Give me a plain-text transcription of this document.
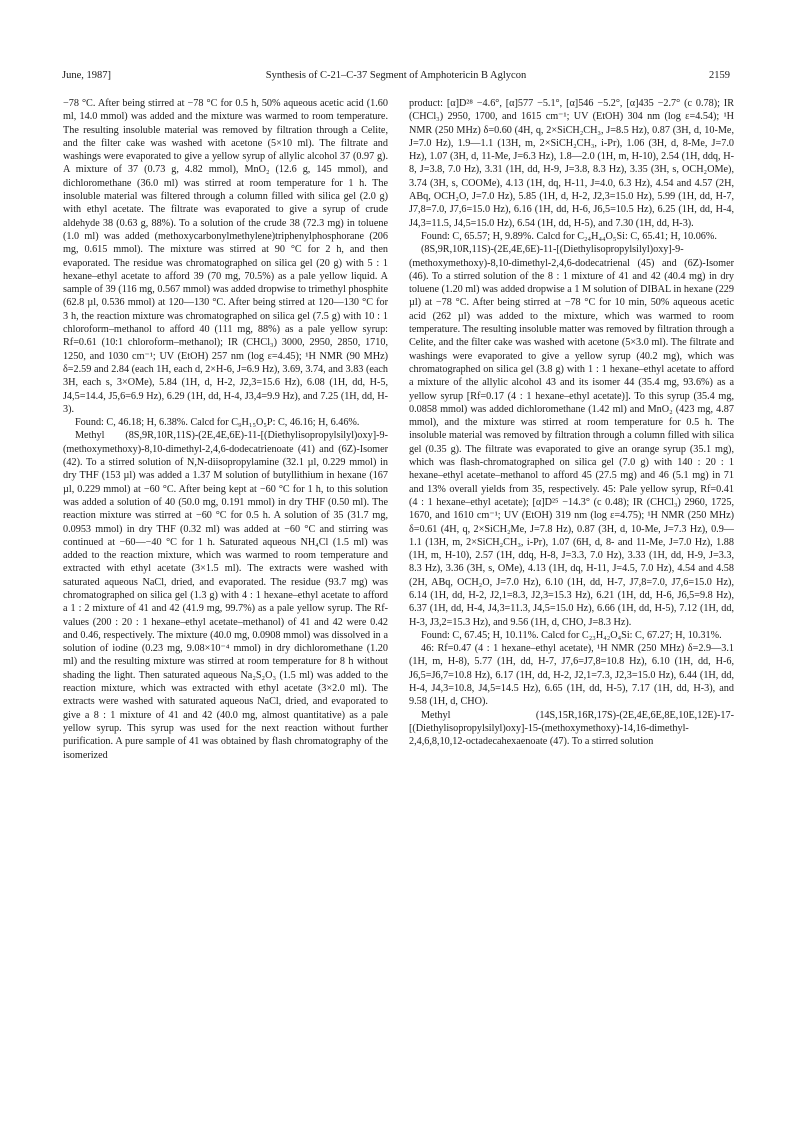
June, 1987]	Synthesis of C-21–C-37 Segment of Amphotericin B Aglycon	2159

−78 °C. After being stirred at −78 °C for 0.5 h, 50% aqueous acetic acid (1.60 ml, 14.0 mmol) was added and the mixture was warmed to room temperature. The resulting insoluble material was removed by filtration through a Celite, and the filter cake was washed with acetone (5×10 ml). The filtrate and washings were evaporated to give a yellow syrup of allylic alcohol 37 (0.97 g). A mixture of 37 (0.73 g, 4.82 mmol), MnO₂ (12.6 g, 145 mmol), and dichloromethane (36.0 ml) was stirred at room temperature for 1 h. The insoluble material was filtered through a column filled with silica gel (2.0 g) with ethyl acetate. The filtrate was evaporated to give a syrup of crude aldehyde 38 (0.63 g, 88%). To a solution of the crude 38 (72.3 mg) in toluene (1.0 ml) was added (methoxycarbonylmethylene)triphenylphosphorane (206 mg, 0.615 mmol). The mixture was stirred at 90 °C for 2 h, and then evaporated. The residue was chromatographed on silica gel (20 g) with 5 : 1 hexane–ethyl acetate to afford 39 (70 mg, 70.5%) as a pale yellow liquid. A sample of 39 (116 mg, 0.567 mmol) was added dropwise to trimethyl phosphite (62.8 µl, 0.536 mmol) at 120—130 °C. After being stirred at 120—130 °C for 3 h, the reaction mixture was chromatographed on silica gel (7.5 g) with 10 : 1 chloroform–methanol to afford 40 (111 mg, 88%) as a pale yellow syrup: Rf=0.61 (10:1 chloroform–methanol); IR (CHCl₃) 3000, 2950, 2850, 1710, 1250, and 1030 cm⁻¹; UV (EtOH) 257 nm (log ε=4.45); ¹H NMR (90 MHz) δ=2.59 and 2.84 (each 1H, each d, 2×H-6, J=6.9 Hz), 3.69, 3.74, and 3.83 (each 3H, each s, 3×OMe), 5.84 (1H, d, H-2, J2,3=15.6 Hz), 6.08 (1H, dd, H-5, J4,5=14.4, J5,6=6.9 Hz), 6.29 (1H, dd, H-4, J3,4=9.9 Hz), and 7.25 (1H, dd, H-3).

Found: C, 46.18; H, 6.38%. Calcd for C₉H₁₅O₅P: C, 46.16; H, 6.46%.

Methyl (8S,9R,10R,11S)-(2E,4E,6E)-11-[(Diethylisopropylsilyl)oxy]-9-(methoxymethoxy)-8,10-dimethyl-2,4,6-dodecatrienoate (41) and (6Z)-Isomer (42). To a stirred solution of N,N-diisopropylamine (32.1 µl, 0.229 mmol) in dry THF (153 µl) was added a 1.37 M solution of butyllithium in hexane (167 µl, 0.229 mmol) at −60 °C. After being kept at −60 °C for 1 h, to this solution was added a solution of 40 (50.0 mg, 0.191 mmol) in dry THF (0.50 ml). The reaction mixture was stirred at −60 °C for 0.5 h. A solution of 35 (31.7 mg, 0.0953 mmol) in dry THF (0.32 ml) was added at −60 °C and stirring was continued at −60—−40 °C for 1 h. Saturated aqueous NH₄Cl (1.5 ml) was added to the reaction mixture, which was warmed to room temperature and extracted with ethyl acetate (3×1.5 ml). The extracts were washed with saturated aqueous NaCl, dried, and evaporated. The residue (93.7 mg) was chromatographed on silica gel (1.3 g) with 4 : 1 hexane–ethyl acetate to afford a 1 : 2 mixture of 41 and 42 (41.9 mg, 99.7%) as a pale yellow syrup. The Rf-values (200 : 20 : 1 hexane–ethyl acetate–methanol) of 41 and 42 were 0.42 and 0.46, respectively. The mixture (40.0 mg, 0.0908 mmol) was dissolved in a solution of iodine (0.23 mg, 9.08×10⁻⁴ mmol) in dry dichloromethane (1.20 ml) and the resulting mixture was stirred at room temperature for 8 h without shading the light. Then saturated aqueous Na₂S₂O₃ (1.5 ml) was added to the reaction mixture, which was extracted with ethyl acetate (3×2.0 ml). The extracts were washed with saturated aqueous NaCl, dried, and evaporated to give a 8 : 1 mixture of 41 and 42 (40.0 mg, almost quantitative) as a pale yellow syrup. This syrup was used for the next reaction without further purification. A pure sample of 41 was obtained by flash chromatography of the isomerized

product: [α]D²⁸ −4.6°, [α]577 −5.1°, [α]546 −5.2°, [α]435 −2.7° (c 0.78); IR (CHCl₃) 2950, 1700, and 1615 cm⁻¹; UV (EtOH) 304 nm (log ε=4.54); ¹H NMR (250 MHz) δ=0.60 (4H, q, 2×SiCH₂CH₃, J=8.5 Hz), 0.87 (3H, d, 10-Me, J=7.0 Hz), 1.9—1.1 (13H, m, 2×SiCH₂CH₃, i-Pr), 1.06 (3H, d, 8-Me, J=7.0 Hz), 1.07 (3H, d, 11-Me, J=6.3 Hz), 1.8—2.0 (1H, m, H-10), 2.54 (1H, ddq, H-8, J=3.8, 7.0 Hz), 3.31 (1H, dd, H-9, J=3.8, 8.3 Hz), 3.35 (3H, s, OCH₂OMe), 3.74 (3H, s, COOMe), 4.13 (1H, dq, H-11, J=4.0, 6.3 Hz), 4.54 and 4.57 (2H, ABq, OCH₂O, J=7.0 Hz), 5.85 (1H, d, H-2, J2,3=15.0 Hz), 5.99 (1H, dd, H-7, J7,8=7.0, J7,6=15.0 Hz), 6.16 (1H, dd, H-6, J6,5=10.5 Hz), 6.25 (1H, dd, H-4, J4,3=11.5, J4,5=15.0 Hz), 6.54 (1H, dd, H-5), and 7.30 (1H, dd, H-3).

Found: C, 65.57; H, 9.89%. Calcd for C₂₄H₄₄O₅Si: C, 65.41; H, 10.06%.

(8S,9R,10R,11S)-(2E,4E,6E)-11-[(Diethylisopropylsilyl)oxy]-9-(methoxymethoxy)-8,10-dimethyl-2,4,6-dodecatrienal (45) and (6Z)-Isomer (46). To a stirred solution of the 8 : 1 mixture of 41 and 42 (40.4 mg) in dry toluene (1.20 ml) was added dropwise a 1 M solution of DIBAL in hexane (229 µl) at −78 °C. After being stirred at −78 °C for 10 min, 50% aqueous acetic acid (262 µl) was added to the mixture, which was warmed to room temperature. The resulting insoluble matter was removed by filtration through a Celite, and the filter cake was washed with acetone (5×3.0 ml). The filtrate and washings were evaporated to give a yellow syrup (40.2 mg), which was chromatographed on silica gel (3.8 g) with 1 : 1 hexane–ethyl acetate to afford a mixture of the allylic alcohol 43 and its isomer 44 (35.4 mg, 93.6%) as a yellow syrup [Rf=0.17 (4 : 1 hexane–ethyl acetate)]. To this syrup (35.4 mg, 0.0858 mmol) was added dichloromethane (1.42 ml) and MnO₂ (423 mg, 4.87 mmol), and the mixture was stirred at room temperature for 0.5 h. The insoluble material was removed by filtration through a column filled with silica gel (0.35 g). The filtrate was evaporated to give an orange syrup (35.1 mg), which was flash-chromatographed on silica gel (7.0 g) with 140 : 20 : 1 hexane–ethyl acetate–methanol to afford 45 (27.5 mg) and 46 (5.1 mg) in 71 and 13% overall yields from 35, respectively. 45: Pale yellow syrup, Rf=0.41 (4 : 1 hexane–ethyl acetate); [α]D²⁵ −14.3° (c 0.48); IR (CHCl₃) 2960, 1725, 1670, and 1610 cm⁻¹; UV (EtOH) 319 nm (log ε=4.75); ¹H NMR (250 MHz) δ=0.61 (4H, q, 2×SiCH₂Me, J=7.8 Hz), 0.87 (3H, d, 10-Me, J=7.3 Hz), 0.9—1.1 (13H, m, 2×SiCH₂CH₃, i-Pr), 1.07 (6H, d, 8- and 11-Me, J=7.0 Hz), 1.88 (1H, m, H-10), 2.57 (1H, ddq, H-8, J=3.3, 7.0 Hz), 3.33 (1H, dd, H-9, J=3.3, 8.3 Hz), 3.36 (3H, s, OMe), 4.13 (1H, dq, H-11, J=4.5, 7.0 Hz), 4.54 and 4.58 (2H, ABq, OCH₂O, J=7.0 Hz), 6.10 (1H, dd, H-7, J7,8=7.0, J7,6=15.0 Hz), 6.14 (1H, dd, H-2, J2,1=8.3, J2,3=15.3 Hz), 6.21 (1H, dd, H-6, J6,5=9.8 Hz), 6.37 (1H, dd, H-4, J4,3=11.3, J4,5=15.0 Hz), 6.66 (1H, dd, H-5), 7.12 (1H, dd, H-3, J3,2=15.3 Hz), and 9.56 (1H, d, CHO, J=8.3 Hz).

Found: C, 67.45; H, 10.11%. Calcd for C₂₃H₄₂O₄Si: C, 67.27; H, 10.31%.

46: Rf=0.47 (4 : 1 hexane–ethyl acetate), ¹H NMR (250 MHz) δ=2.9—3.1 (1H, m, H-8), 5.77 (1H, dd, H-7, J7,6=J7,8=10.8 Hz), 6.10 (1H, dd, H-6, J6,5=J6,7=10.8 Hz), 6.17 (1H, dd, H-2, J2,1=7.3, J2,3=15.0 Hz), 6.44 (1H, dd, H-4, J4,3=10.8, J4,5=14.5 Hz), 6.65 (1H, dd, H-5), 7.17 (1H, dd, H-3), and 9.58 (1H, d, CHO).

Methyl (14S,15R,16R,17S)-(2E,4E,6E,8E,10E,12E)-17-[(Diethylisopropylsilyl)oxy]-15-(methoxymethoxy)-14,16-dimethyl-2,4,6,8,10,12-octadecahexaenoate (47). To a stirred solution
